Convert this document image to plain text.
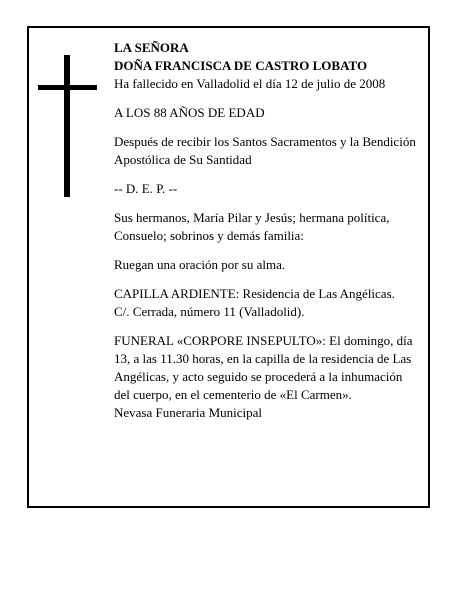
LA SEÑORA
DOÑA FRANCISCA DE CASTRO LOBATO
Ha fallecido en Valladolid el día 12 de julio de 2008

A LOS 88 AÑOS DE EDAD

Después de recibir los Santos Sacramentos y la Bendición Apostólica de Su Santidad

-- D. E. P. --

Sus hermanos, María Pilar y Jesús; hermana política, Consuelo; sobrinos y demás familia:

Ruegan una oración por su alma.

CAPILLA ARDIENTE: Residencia de Las Angélicas.
C/. Cerrada, número 11 (Valladolid).

FUNERAL «CORPORE INSEPULTO»: El domingo, día 13, a las 11.30 horas, en la capilla de la residencia de Las Angélicas, y acto seguido se procederá a la inhumación del cuerpo, en el cementerio de «El Carmen».
Nevasa Funeraria Municipal
